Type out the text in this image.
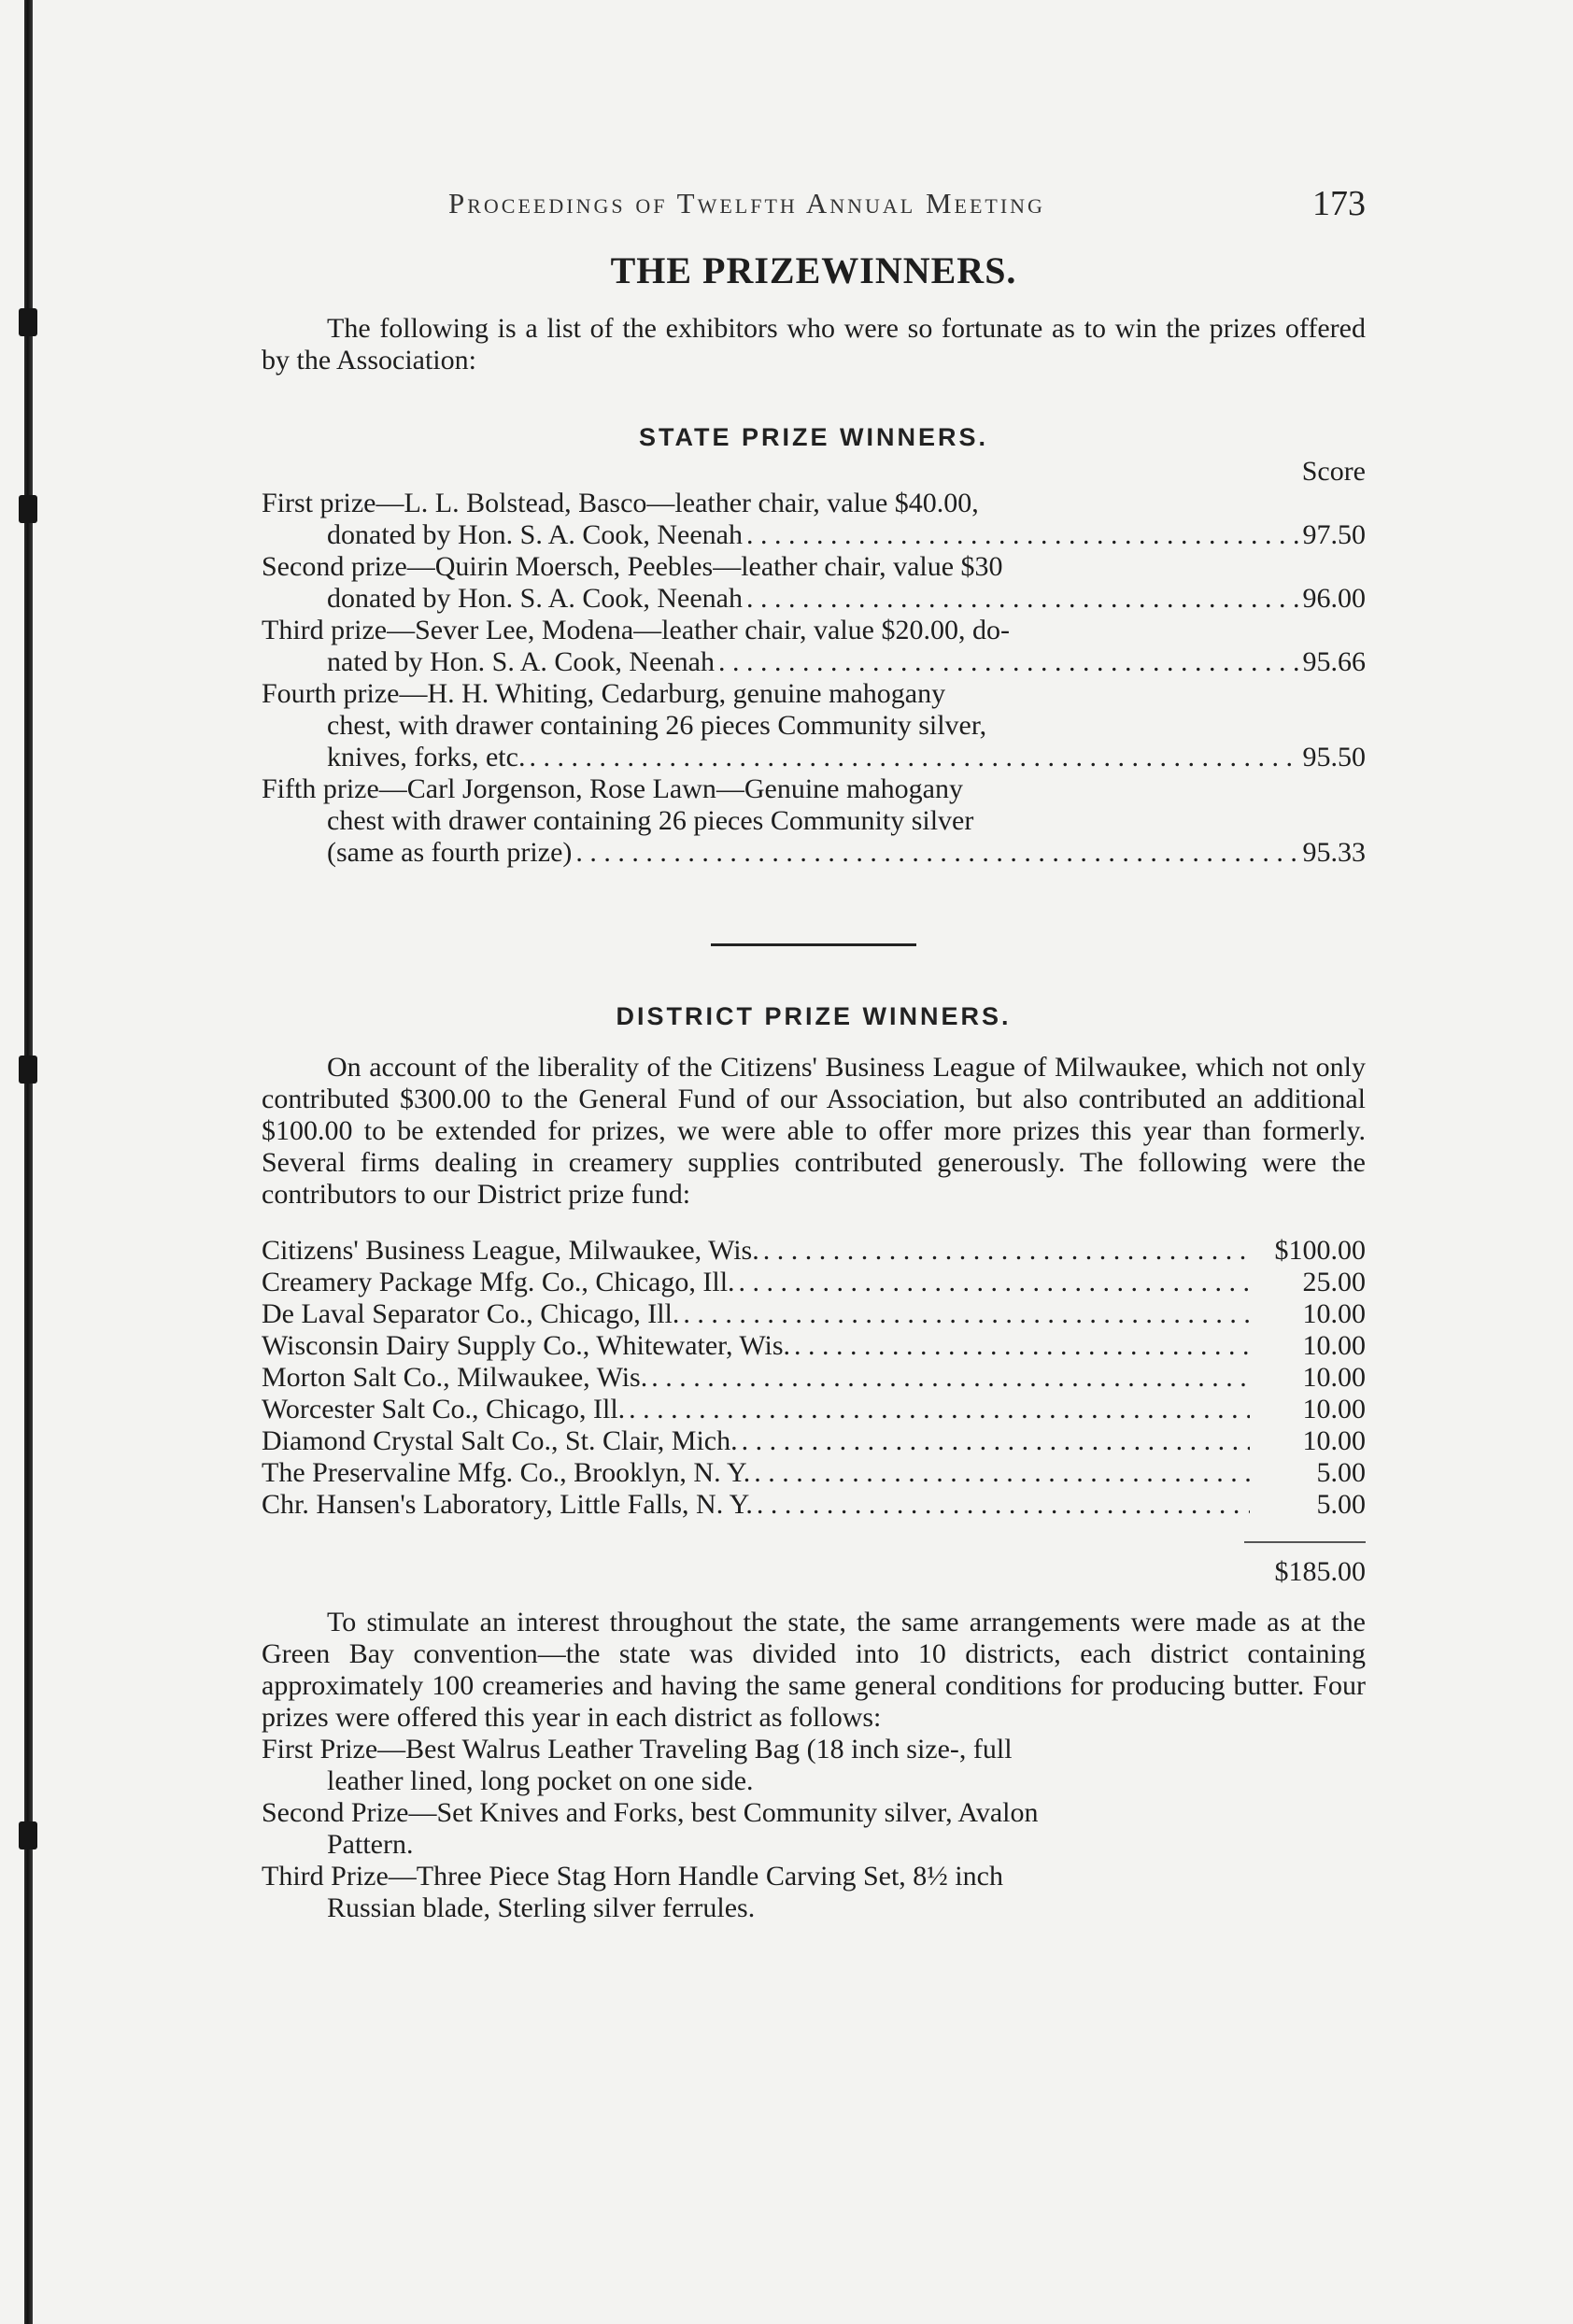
Proceedings of Twelfth Annual Meeting	173
THE PRIZEWINNERS.

The following is a list of the exhibitors who were so fortunate as to win the prizes offered by the Association:

STATE PRIZE WINNERS.
Score
First prize—L. L. Bolstead, Basco—leather chair, value $40.00,
donated by Hon. S. A. Cook, Neenah . . .	97.50
Second prize—Quirin Moersch, Peebles—leather chair, value $30
donated by Hon. S. A. Cook, Neenah . . .	96.00
Third prize—Sever Lee, Modena—leather chair, value $20.00, do-
nated by Hon. S. A. Cook, Neenah . . .	95.66
Fourth prize—H. H. Whiting, Cedarburg, genuine mahogany
chest, with drawer containing 26 pieces Community silver,
knives, forks, etc. . . .	95.50
Fifth prize—Carl Jorgenson, Rose Lawn—Genuine mahogany
chest with drawer containing 26 pieces Community silver
(same as fourth prize) . . .	95.33
DISTRICT PRIZE WINNERS.

On account of the liberality of the Citizens' Business League of Milwaukee, which not only contributed $300.00 to the General Fund of our Association, but also contributed an additional $100.00 to be extended for prizes, we were able to offer more prizes this year than formerly. Several firms dealing in creamery supplies contributed generously. The following were the contributors to our District prize fund:

Citizens' Business League, Milwaukee, Wis. . . .	$100.00
Creamery Package Mfg. Co., Chicago, Ill. . . .	25.00
De Laval Separator Co., Chicago, Ill. . . .	10.00
Wisconsin Dairy Supply Co., Whitewater, Wis. . . .	10.00
Morton Salt Co., Milwaukee, Wis. . . .	10.00
Worcester Salt Co., Chicago, Ill. . . .	10.00
Diamond Crystal Salt Co., St. Clair, Mich. . . .	10.00
The Preservaline Mfg. Co., Brooklyn, N. Y. . . .	5.00
Chr. Hansen's Laboratory, Little Falls, N. Y. . . .	5.00
$185.00

To stimulate an interest throughout the state, the same arrangements were made as at the Green Bay convention—the state was divided into 10 districts, each district containing approximately 100 creameries and having the same general conditions for producing butter. Four prizes were offered this year in each district as follows:

First Prize—Best Walrus Leather Traveling Bag (18 inch size-, full
leather lined, long pocket on one side.
Second Prize—Set Knives and Forks, best Community silver, Avalon
Pattern.
Third Prize—Three Piece Stag Horn Handle Carving Set, 8½ inch
Russian blade, Sterling silver ferrules.
